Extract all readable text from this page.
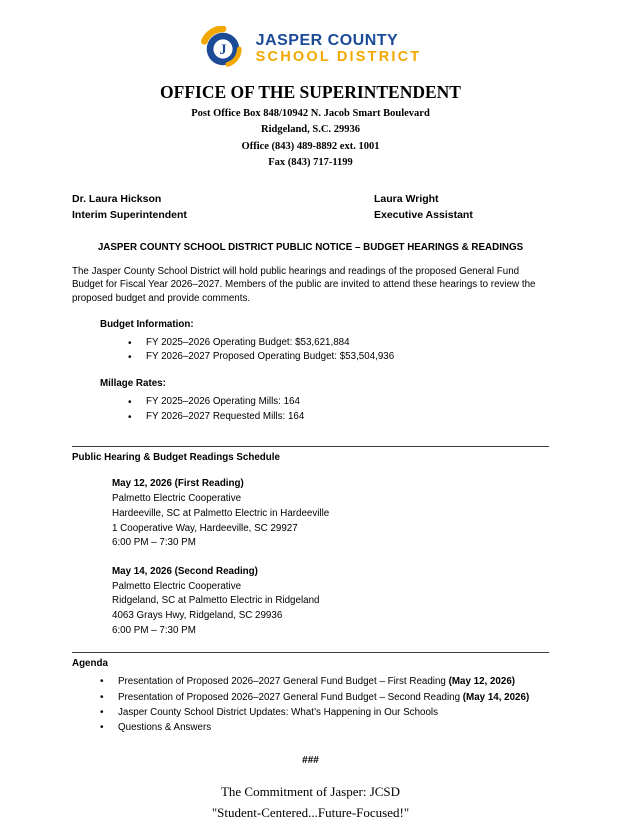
J
JASPER COUNTY
SCHOOL DISTRICT
OFFICE OF THE SUPERINTENDENT
Post Office Box 848/10942 N. Jacob Smart Boulevard
Ridgeland, S.C. 29936
Office (843) 489-8892 ext. 1001
Fax (843) 717-1199
Dr. Laura Hickson
Interim Superintendent
Laura Wright
Executive Assistant
JASPER COUNTY SCHOOL DISTRICT PUBLIC NOTICE – BUDGET HEARINGS & READINGS
The Jasper County School District will hold public hearings and readings of the proposed General Fund Budget for Fiscal Year 2026–2027. Members of the public are invited to attend these hearings to review the proposed budget and provide comments.
Budget Information:
• FY 2025–2026 Operating Budget: $53,621,884
• FY 2026–2027 Proposed Operating Budget: $53,504,936
Millage Rates:
• FY 2025–2026 Operating Mills: 164
• FY 2026–2027 Requested Mills: 164
Public Hearing & Budget Readings Schedule
May 12, 2026 (First Reading)
Palmetto Electric Cooperative
Hardeeville, SC at Palmetto Electric in Hardeeville
1 Cooperative Way, Hardeeville, SC 29927
6:00 PM – 7:30 PM
May 14, 2026 (Second Reading)
Palmetto Electric Cooperative
Ridgeland, SC at Palmetto Electric in Ridgeland
4063 Grays Hwy, Ridgeland, SC 29936
6:00 PM – 7:30 PM
Agenda
• Presentation of Proposed 2026–2027 General Fund Budget – First Reading (May 12, 2026)
• Presentation of Proposed 2026–2027 General Fund Budget – Second Reading (May 14, 2026)
• Jasper County School District Updates: What’s Happening in Our Schools
• Questions & Answers
###
The Commitment of Jasper: JCSD
"Student-Centered...Future-Focused!"
